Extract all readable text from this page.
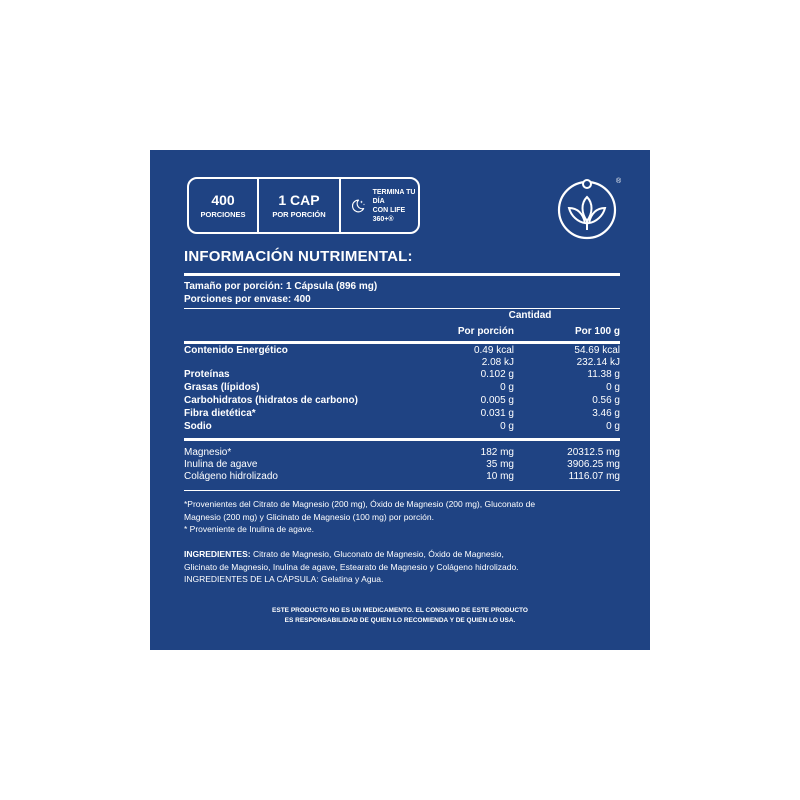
400
PORCIONES
1 CAP
POR PORCIÓN
TERMINA TU DÍA
CON LIFE 360+®
®
INFORMACIÓN NUTRIMENTAL:
Tamaño por porción: 1 Cápsula (896 mg)
Porciones por envase: 400
Cantidad
Por porción	Por 100 g
Contenido Energético	0.49 kcal	54.69 kcal
2.08 kJ	232.14 kJ
Proteínas	0.102 g	11.38 g
Grasas (lípidos)	0 g	0 g
Carbohidratos (hidratos de carbono)	0.005 g	0.56 g
Fibra dietética*	0.031 g	3.46 g
Sodio	0 g	0 g
Magnesio*	182 mg	20312.5 mg
Inulina de agave	35 mg	3906.25 mg
Colágeno hidrolizado	10 mg	1116.07 mg
*Provenientes del Citrato de Magnesio (200 mg), Óxido de Magnesio (200 mg), Gluconato de
Magnesio (200 mg) y Glicinato de Magnesio (100 mg) por porción.
* Proveniente de Inulina de agave.
INGREDIENTES: Citrato de Magnesio, Gluconato de Magnesio, Óxido de Magnesio,
Glicinato de Magnesio, Inulina de agave, Estearato de Magnesio y Colágeno hidrolizado.
INGREDIENTES DE LA CÁPSULA: Gelatina y Agua.
ESTE PRODUCTO NO ES UN MEDICAMENTO. EL CONSUMO DE ESTE PRODUCTO
ES RESPONSABILIDAD DE QUIEN LO RECOMIENDA Y DE QUIEN LO USA.
